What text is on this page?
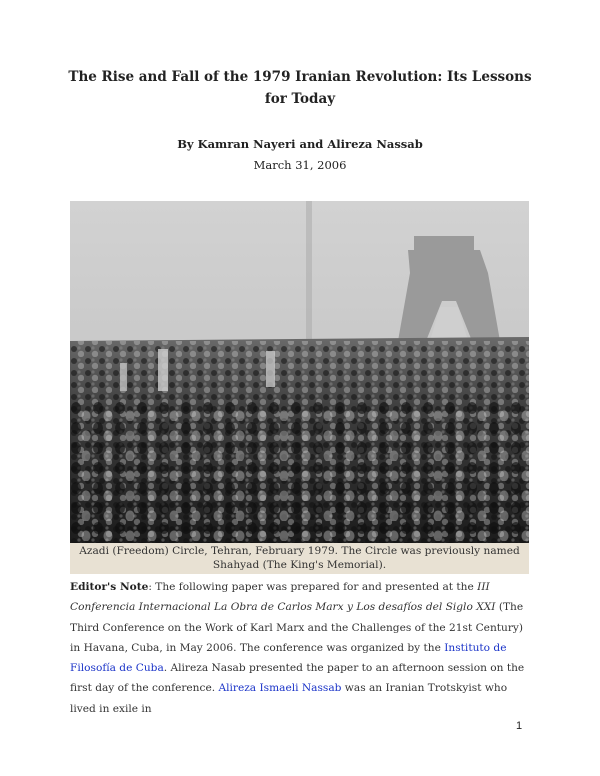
The Rise and Fall of the 1979 Iranian Revolution: Its Lessons for Today
By Kamran Nayeri and Alireza Nassab
March 31, 2006
Azadi (Freedom) Circle, Tehran, February 1979. The Circle was previously named Shahyad (The King's Memorial).
Editor's Note: The following paper was prepared for and presented at the III Conferencia Internacional La Obra de Carlos Marx y Los desafíos del Siglo XXI (The Third Conference on the Work of Karl Marx and the Challenges of the 21st Century) in Havana, Cuba, in May 2006. The conference was organized by the Instituto de Filosofía de Cuba. Alireza Nasab presented the paper to an afternoon session on the first day of the conference. Alireza Ismaeli Nassab was an Iranian Trotskyist who lived in exile in
1
